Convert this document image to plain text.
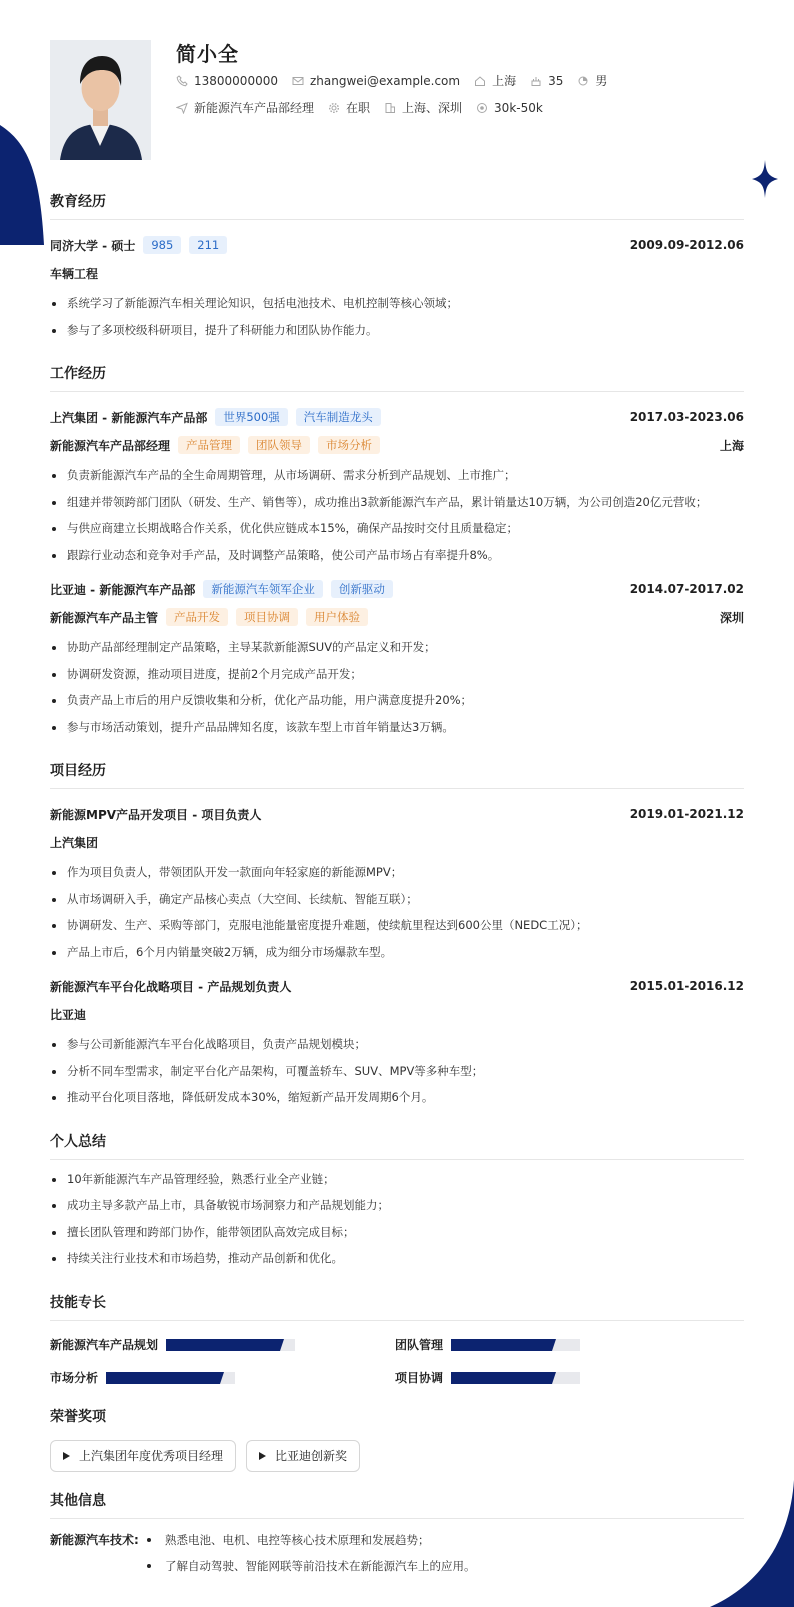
简小全
13800000000	zhangwei@example.com	上海	35	男
新能源汽车产品部经理	在职	上海、深圳	30k-50k
教育经历
同济大学 - 硕士	985	211	2009.09-2012.06
车辆工程
系统学习了新能源汽车相关理论知识，包括电池技术、电机控制等核心领域；
参与了多项校级科研项目，提升了科研能力和团队协作能力。
工作经历
上汽集团 - 新能源汽车产品部	世界500强	汽车制造龙头	2017.03-2023.06
新能源汽车产品部经理	产品管理	团队领导	市场分析	上海
负责新能源汽车产品的全生命周期管理，从市场调研、需求分析到产品规划、上市推广；
组建并带领跨部门团队（研发、生产、销售等），成功推出3款新能源汽车产品，累计销量达10万辆，为公司创造20亿元营收；
与供应商建立长期战略合作关系，优化供应链成本15%，确保产品按时交付且质量稳定；
跟踪行业动态和竞争对手产品，及时调整产品策略，使公司产品市场占有率提升8%。
比亚迪 - 新能源汽车产品部	新能源汽车领军企业	创新驱动	2014.07-2017.02
新能源汽车产品主管	产品开发	项目协调	用户体验	深圳
协助产品部经理制定产品策略，主导某款新能源SUV的产品定义和开发；
协调研发资源，推动项目进度，提前2个月完成产品开发；
负责产品上市后的用户反馈收集和分析，优化产品功能，用户满意度提升20%；
参与市场活动策划，提升产品品牌知名度，该款车型上市首年销量达3万辆。
项目经历
新能源MPV产品开发项目 - 项目负责人	2019.01-2021.12
上汽集团
作为项目负责人，带领团队开发一款面向年轻家庭的新能源MPV；
从市场调研入手，确定产品核心卖点（大空间、长续航、智能互联）；
协调研发、生产、采购等部门，克服电池能量密度提升难题，使续航里程达到600公里（NEDC工况）；
产品上市后，6个月内销量突破2万辆，成为细分市场爆款车型。
新能源汽车平台化战略项目 - 产品规划负责人	2015.01-2016.12
比亚迪
参与公司新能源汽车平台化战略项目，负责产品规划模块；
分析不同车型需求，制定平台化产品架构，可覆盖轿车、SUV、MPV等多种车型；
推动平台化项目落地，降低研发成本30%，缩短新产品开发周期6个月。
个人总结
10年新能源汽车产品管理经验，熟悉行业全产业链；
成功主导多款产品上市，具备敏锐市场洞察力和产品规划能力；
擅长团队管理和跨部门协作，能带领团队高效完成目标；
持续关注行业技术和市场趋势，推动产品创新和优化。
技能专长
新能源汽车产品规划	团队管理
市场分析	项目协调
荣誉奖项
上汽集团年度优秀项目经理	比亚迪创新奖
其他信息
新能源汽车技术:	熟悉电池、电机、电控等核心技术原理和发展趋势；
了解自动驾驶、智能网联等前沿技术在新能源汽车上的应用。
